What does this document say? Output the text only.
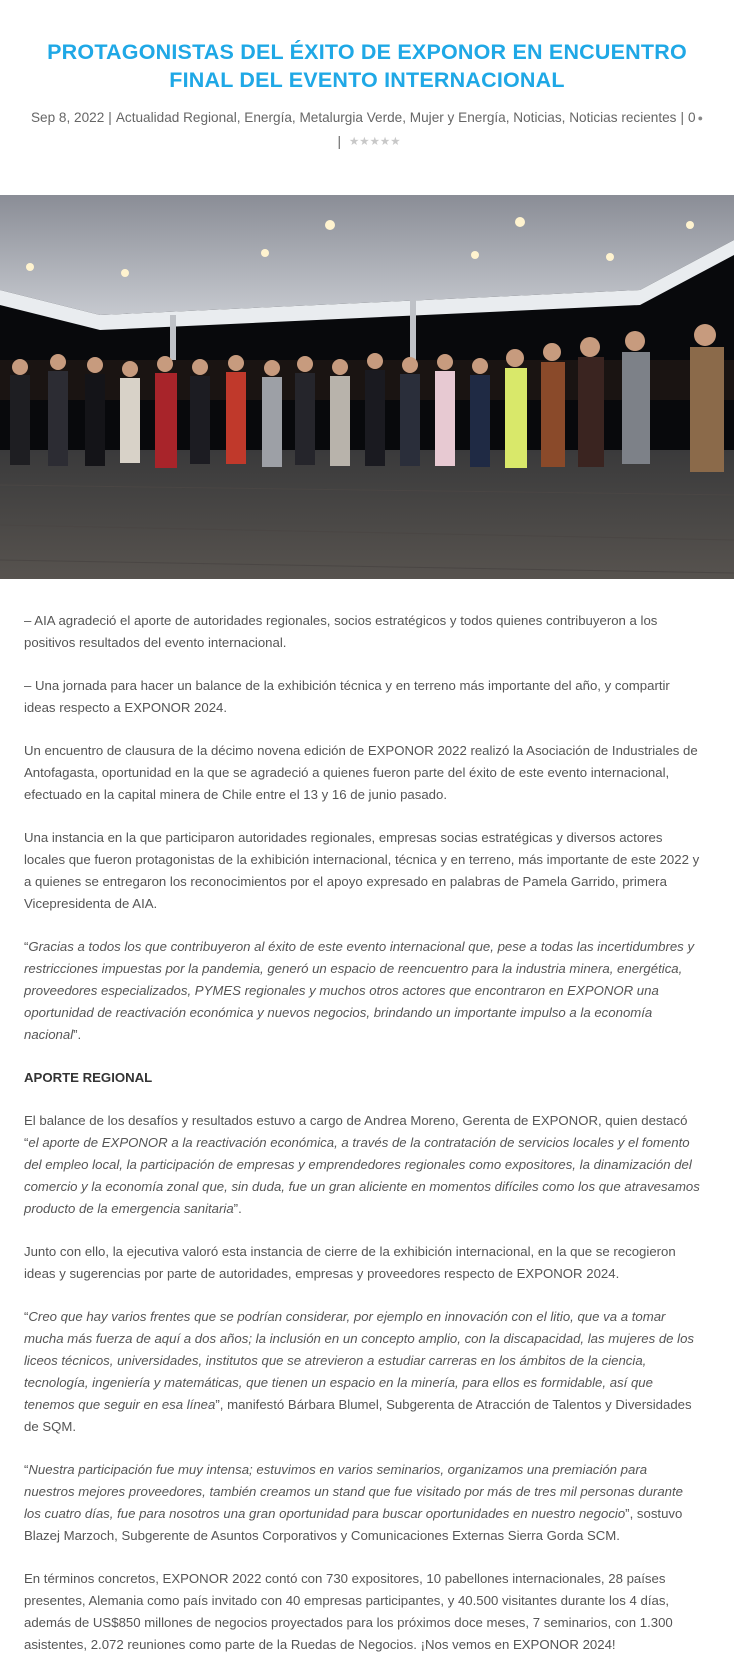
PROTAGONISTAS DEL ÉXITO DE EXPONOR EN ENCUENTRO FINAL DEL EVENTO INTERNACIONAL
Sep 8, 2022 | Actualidad Regional, Energía, Metalurgia Verde, Mujer y Energía, Noticias, Noticias recientes | 0 ●
| ★★★★★

– AIA agradeció el aporte de autoridades regionales, socios estratégicos y todos quienes contribuyeron a los positivos resultados del evento internacional.

– Una jornada para hacer un balance de la exhibición técnica y en terreno más importante del año, y compartir ideas respecto a EXPONOR 2024.

Un encuentro de clausura de la décimo novena edición de EXPONOR 2022 realizó la Asociación de Industriales de Antofagasta, oportunidad en la que se agradeció a quienes fueron parte del éxito de este evento internacional, efectuado en la capital minera de Chile entre el 13 y 16 de junio pasado.

Una instancia en la que participaron autoridades regionales, empresas socias estratégicas y diversos actores locales que fueron protagonistas de la exhibición internacional, técnica y en terreno, más importante de este 2022 y a quienes se entregaron los reconocimientos por el apoyo expresado en palabras de Pamela Garrido, primera Vicepresidenta de AIA.

“Gracias a todos los que contribuyeron al éxito de este evento internacional que, pese a todas las incertidumbres y restricciones impuestas por la pandemia, generó un espacio de reencuentro para la industria minera, energética, proveedores especializados, PYMES regionales y muchos otros actores que encontraron en EXPONOR una oportunidad de reactivación económica y nuevos negocios, brindando un importante impulso a la economía nacional”.

APORTE REGIONAL

El balance de los desafíos y resultados estuvo a cargo de Andrea Moreno, Gerenta de EXPONOR, quien destacó “el aporte de EXPONOR a la reactivación económica, a través de la contratación de servicios locales y el fomento del empleo local, la participación de empresas y emprendedores regionales como expositores, la dinamización del comercio y la economía zonal que, sin duda, fue un gran aliciente en momentos difíciles como los que atravesamos producto de la emergencia sanitaria”.

Junto con ello, la ejecutiva valoró esta instancia de cierre de la exhibición internacional, en la que se recogieron ideas y sugerencias por parte de autoridades, empresas y proveedores respecto de EXPONOR 2024.

“Creo que hay varios frentes que se podrían considerar, por ejemplo en innovación con el litio, que va a tomar mucha más fuerza de aquí a dos años; la inclusión en un concepto amplio, con la discapacidad, las mujeres de los liceos técnicos, universidades, institutos que se atrevieron a estudiar carreras en los ámbitos de la ciencia, tecnología, ingeniería y matemáticas, que tienen un espacio en la minería, para ellos es formidable, así que tenemos que seguir en esa línea”, manifestó Bárbara Blumel, Subgerenta de Atracción de Talentos y Diversidades de SQM.

“Nuestra participación fue muy intensa; estuvimos en varios seminarios, organizamos una premiación para nuestros mejores proveedores, también creamos un stand que fue visitado por más de tres mil personas durante los cuatro días, fue para nosotros una gran oportunidad para buscar oportunidades en nuestro negocio”, sostuvo Blazej Marzoch, Subgerente de Asuntos Corporativos y Comunicaciones Externas Sierra Gorda SCM.

En términos concretos, EXPONOR 2022 contó con 730 expositores, 10 pabellones internacionales, 28 países presentes, Alemania como país invitado con 40 empresas participantes, y 40.500 visitantes durante los 4 días, además de US$850 millones de negocios proyectados para los próximos doce meses, 7 seminarios, con 1.300 asistentes, 2.072 reuniones como parte de la Ruedas de Negocios. ¡Nos vemos en EXPONOR 2024!
